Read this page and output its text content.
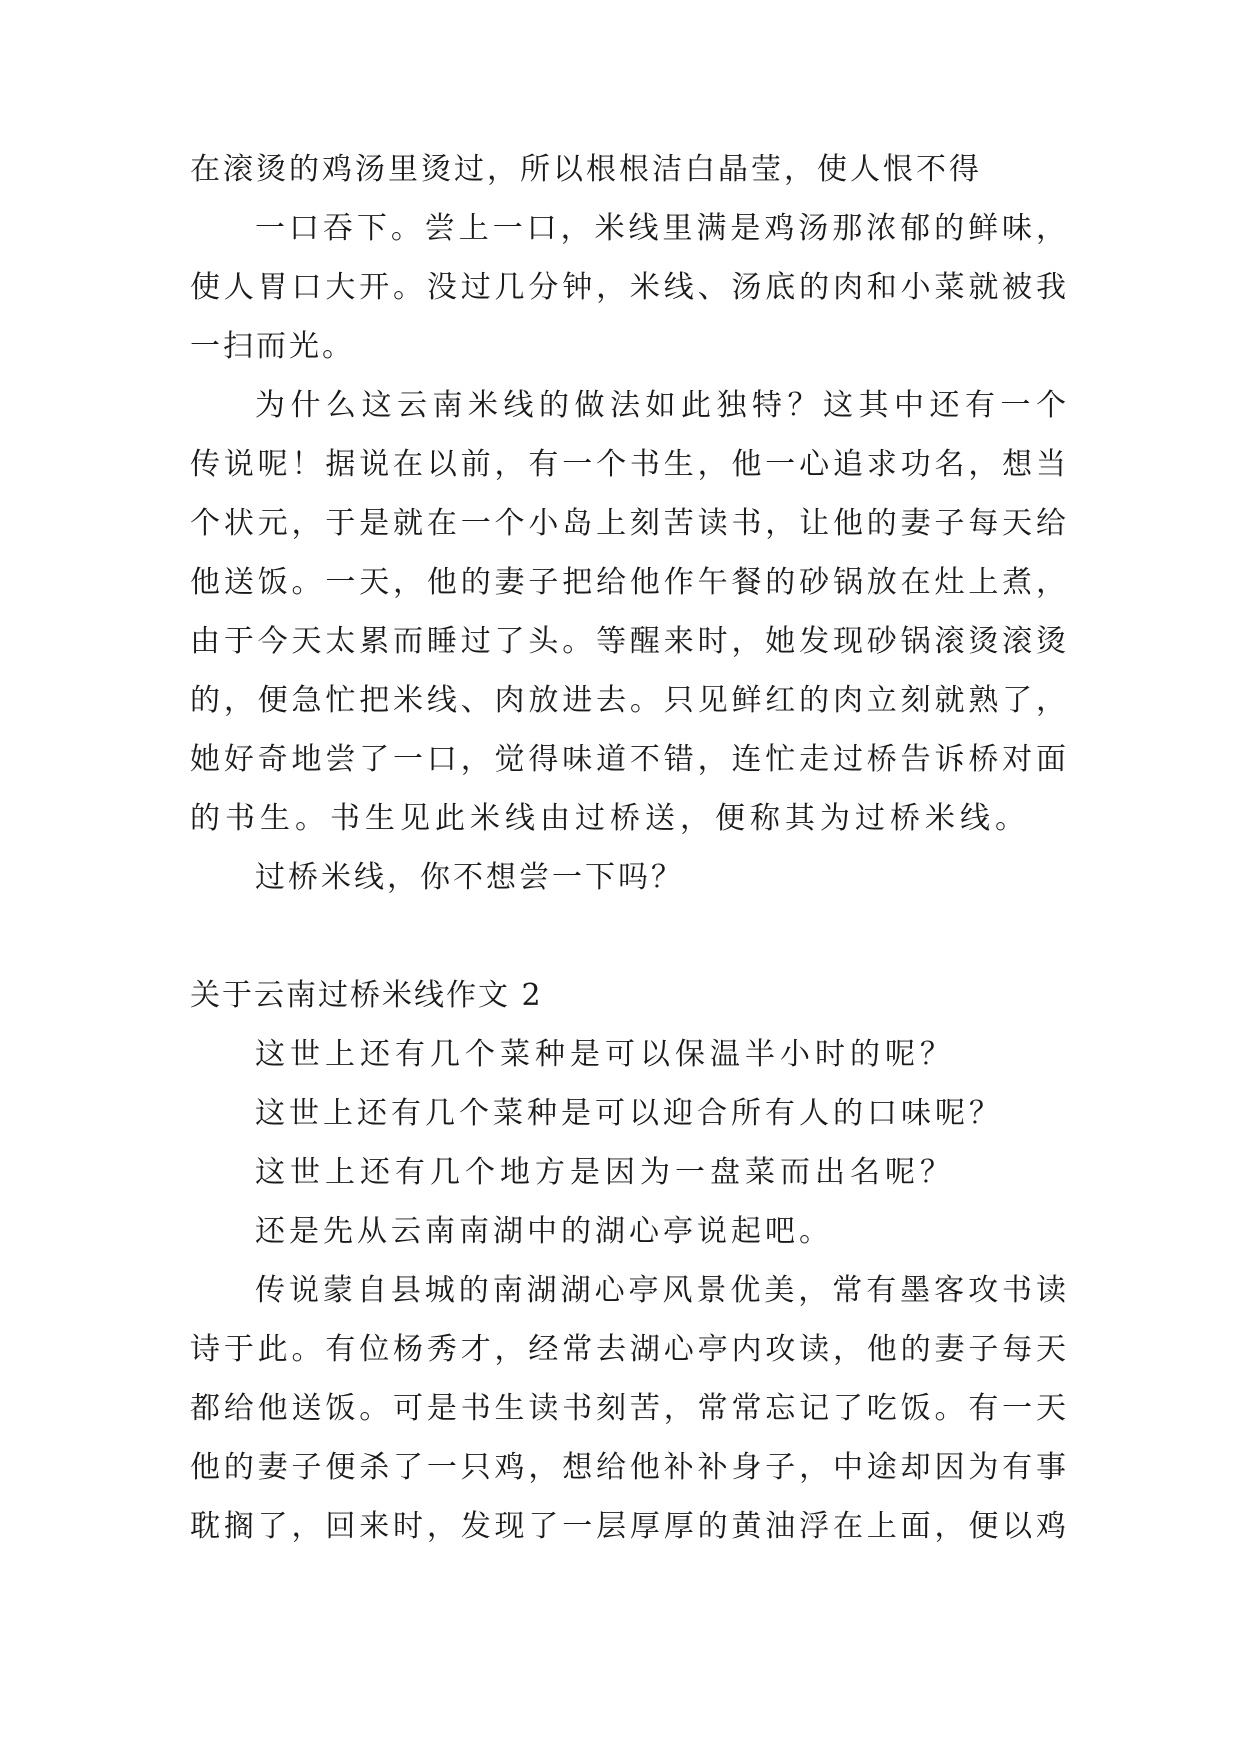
在滚烫的鸡汤里烫过，所以根根洁白晶莹，使人恨不得
一口吞下。尝上一口，米线里满是鸡汤那浓郁的鲜味，
使人胃口大开。没过几分钟，米线、汤底的肉和小菜就被我
一扫而光。
为什么这云南米线的做法如此独特？这其中还有一个
传说呢！据说在以前，有一个书生，他一心追求功名，想当
个状元，于是就在一个小岛上刻苦读书，让他的妻子每天给
他送饭。一天，他的妻子把给他作午餐的砂锅放在灶上煮，
由于今天太累而睡过了头。等醒来时，她发现砂锅滚烫滚烫
的，便急忙把米线、肉放进去。只见鲜红的肉立刻就熟了，
她好奇地尝了一口，觉得味道不错，连忙走过桥告诉桥对面
的书生。书生见此米线由过桥送，便称其为过桥米线。
过桥米线，你不想尝一下吗？
关于云南过桥米线作文 2
这世上还有几个菜种是可以保温半小时的呢？
这世上还有几个菜种是可以迎合所有人的口味呢？
这世上还有几个地方是因为一盘菜而出名呢？
还是先从云南南湖中的湖心亭说起吧。
传说蒙自县城的南湖湖心亭风景优美，常有墨客攻书读
诗于此。有位杨秀才，经常去湖心亭内攻读，他的妻子每天
都给他送饭。可是书生读书刻苦，常常忘记了吃饭。有一天
他的妻子便杀了一只鸡，想给他补补身子，中途却因为有事
耽搁了，回来时，发现了一层厚厚的黄油浮在上面，便以鸡
